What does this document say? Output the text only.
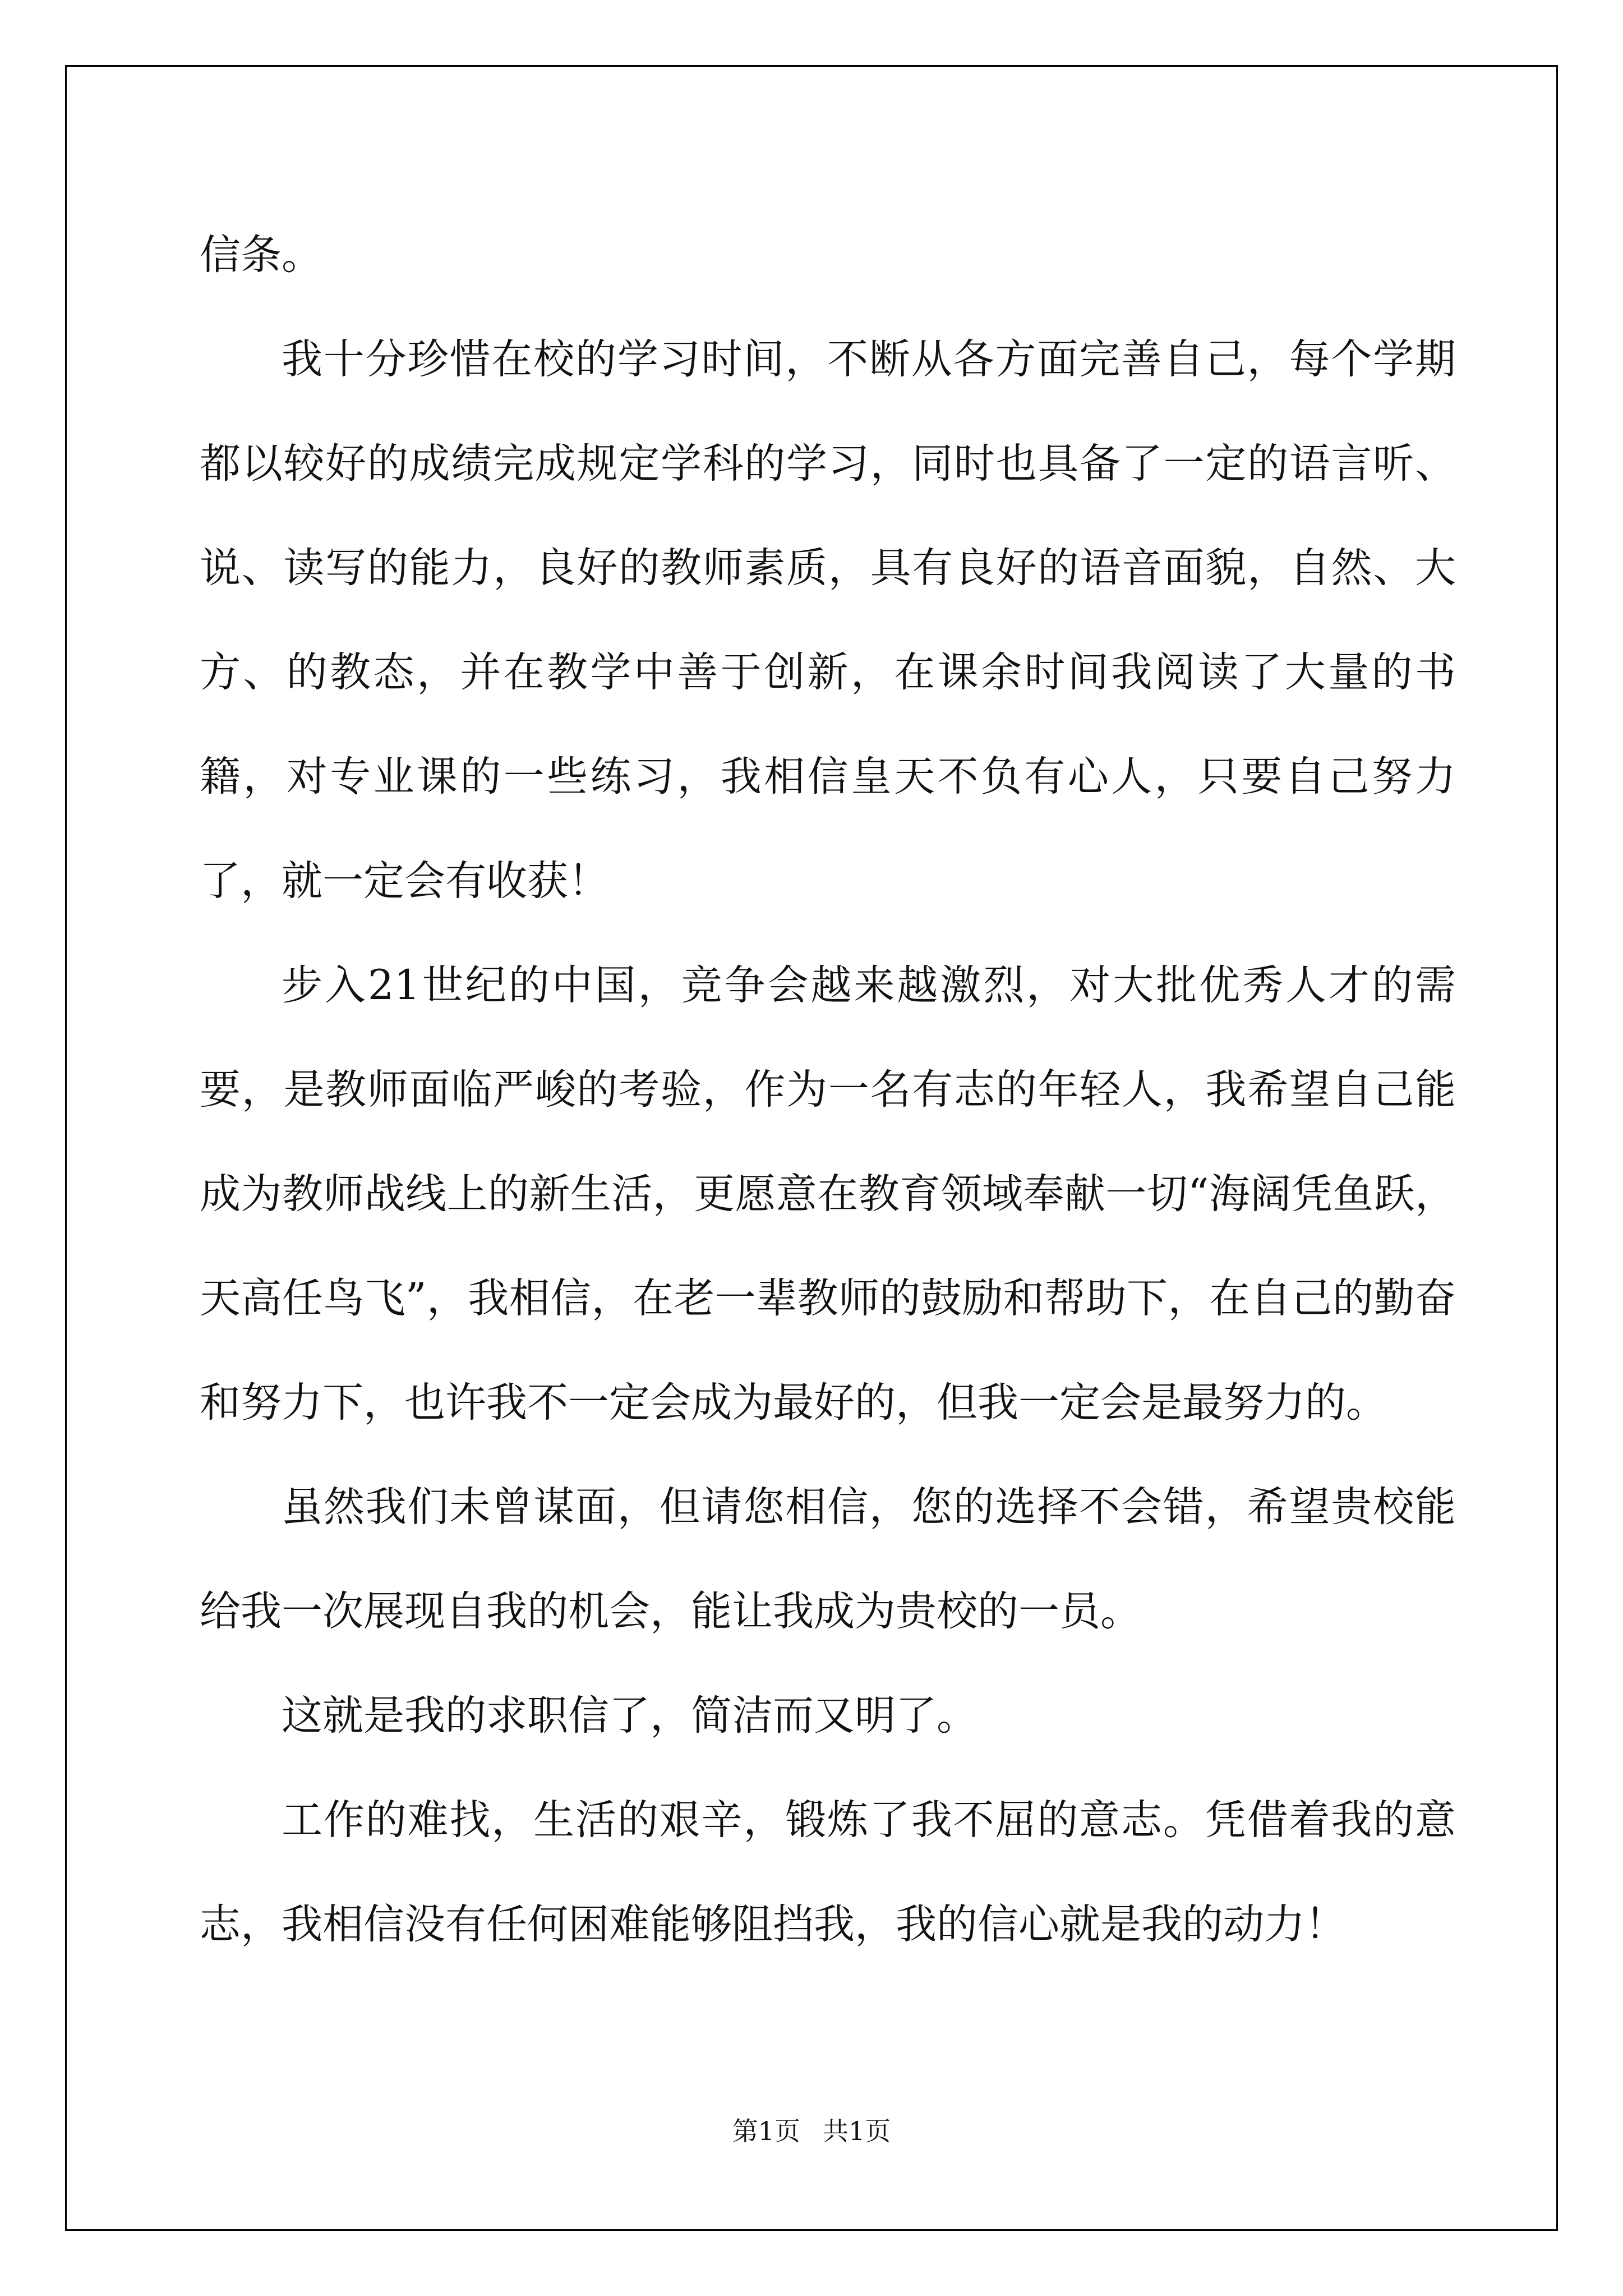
信条。

我十分珍惜在校的学习时间，不断从各方面完善自己，每个学期都以较好的成绩完成规定学科的学习，同时也具备了一定的语言听、说、读写的能力，良好的教师素质，具有良好的语音面貌，自然、大方、的教态，并在教学中善于创新，在课余时间我阅读了大量的书籍，对专业课的一些练习，我相信皇天不负有心人，只要自己努力了，就一定会有收获！

步入21世纪的中国，竞争会越来越激烈，对大批优秀人才的需要，是教师面临严峻的考验，作为一名有志的年轻人，我希望自己能成为教师战线上的新生活，更愿意在教育领域奉献一切“海阔凭鱼跃，天高任鸟飞”，我相信，在老一辈教师的鼓励和帮助下，在自己的勤奋和努力下，也许我不一定会成为最好的，但我一定会是最努力的。

虽然我们未曾谋面，但请您相信，您的选择不会错，希望贵校能给我一次展现自我的机会，能让我成为贵校的一员。

这就是我的求职信了，简洁而又明了。

工作的难找，生活的艰辛，锻炼了我不屈的意志。凭借着我的意志，我相信没有任何困难能够阻挡我，我的信心就是我的动力！

第1页 共1页
